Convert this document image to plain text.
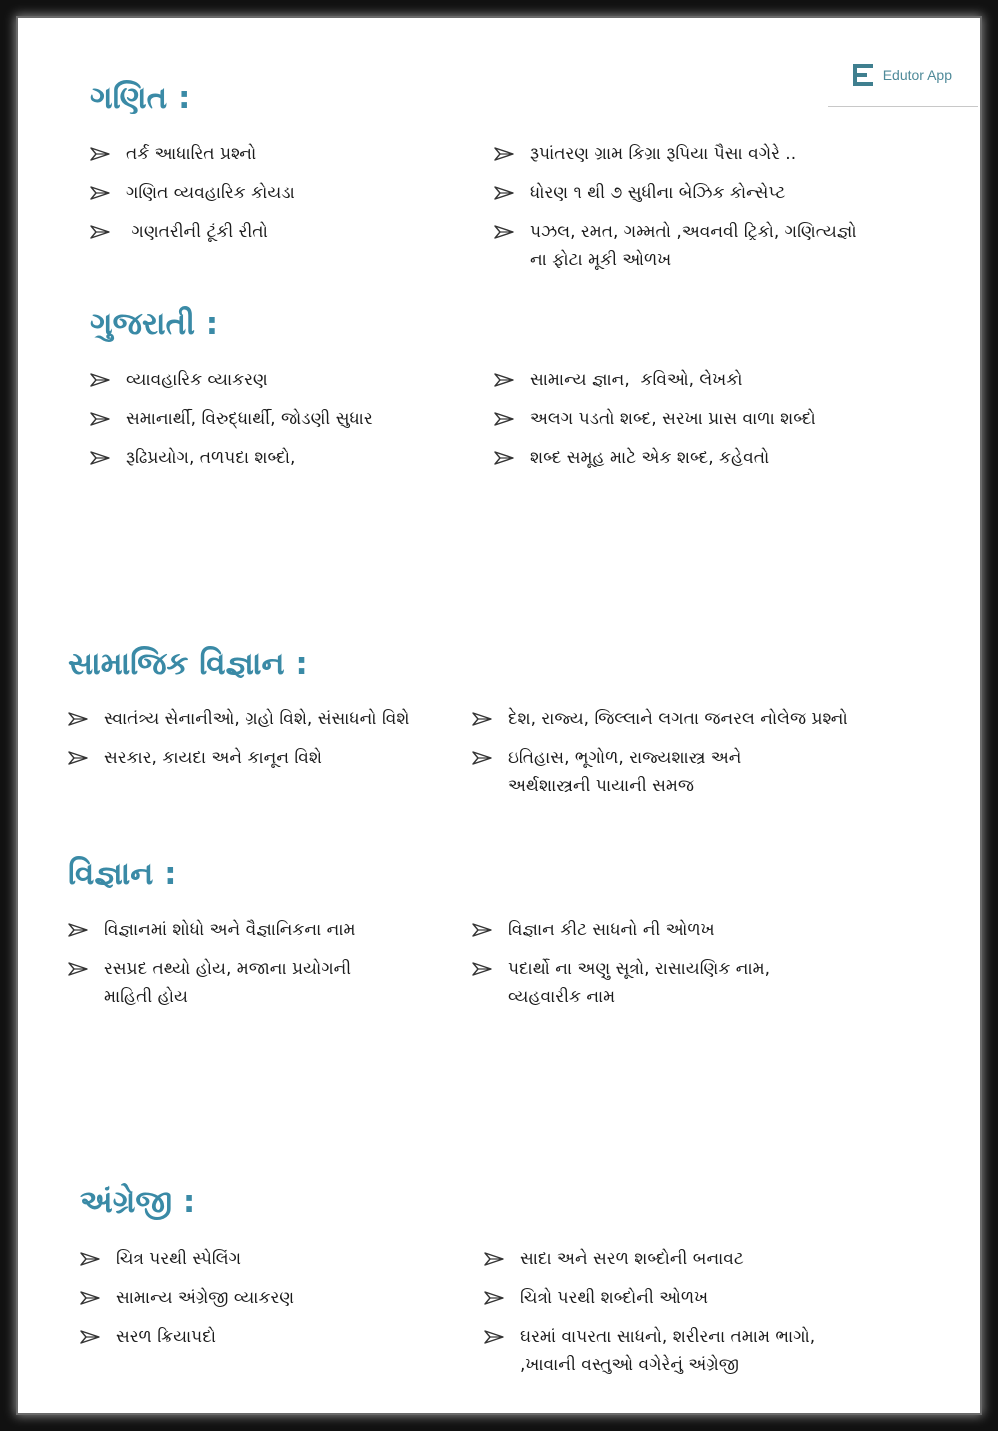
Edutor App
ગણિત :
તર્ક આધારિત પ્રશ્નો
ગણિત વ્યવહારિક કોયડા
ગણતરીની ટૂંકી રીતો
રૂપાંતરણ ગ્રામ કિગ્રા રૂપિયા પૈસા વગેરે ..
ધોરણ ૧ થી ૭ સુધીના બેઝિક કોન્સેપ્ટ
પઝલ, રમત, ગમ્મતો ,અવનવી ટ્રિકો, ગણિત્યજ્ઞો
ના ફોટા મૂકી ઓળખ
ગુજરાતી :
વ્યાવહારિક વ્યાકરણ
સમાનાર્થી, વિરુદ્ધાર્થી, જોડણી સુધાર
રૂઢિપ્રયોગ, તળપદા શબ્દો,
સામાન્ય જ્ઞાન,  કવિઓ, લેખકો
અલગ પડતો શબ્દ, સરખા પ્રાસ વાળા શબ્દો
શબ્દ સમૂહ માટે એક શબ્દ, કહેવતો
સામાજિક વિજ્ઞાન :
સ્વાતંત્ર્ય સેનાનીઓ, ગ્રહો વિશે, સંસાધનો વિશે
સરકાર, કાયદા અને કાનૂન વિશે
દેશ, રાજ્ય, જિલ્લાને લગતા જનરલ નોલેજ પ્રશ્નો
ઇતિહાસ, ભૂગોળ, રાજ્યશાસ્ત્ર અને
અર્થશાસ્ત્રની પાયાની સમજ
વિજ્ઞાન :
વિજ્ઞાનમાં શોધો અને વૈજ્ઞાનિકના નામ
રસપ્રદ તથ્યો હોય, મજાના પ્રયોગની
માહિતી હોય
વિજ્ઞાન કીટ સાધનો ની ઓળખ
પદાર્થો ના અણુ સૂત્રો, રાસાયણિક નામ,
વ્યહવારીક નામ
અંગ્રેજી :
ચિત્ર પરથી સ્પેલિંગ
સામાન્ય અંગ્રેજી વ્યાકરણ
સરળ ક્રિયાપદો
સાદા અને સરળ શબ્દોની બનાવટ
ચિત્રો પરથી શબ્દોની ઓળખ
ઘરમાં વાપરતા સાધનો, શરીરના તમામ ભાગો,
,ખાવાની વસ્તુઓ વગેરેનું અંગ્રેજી
